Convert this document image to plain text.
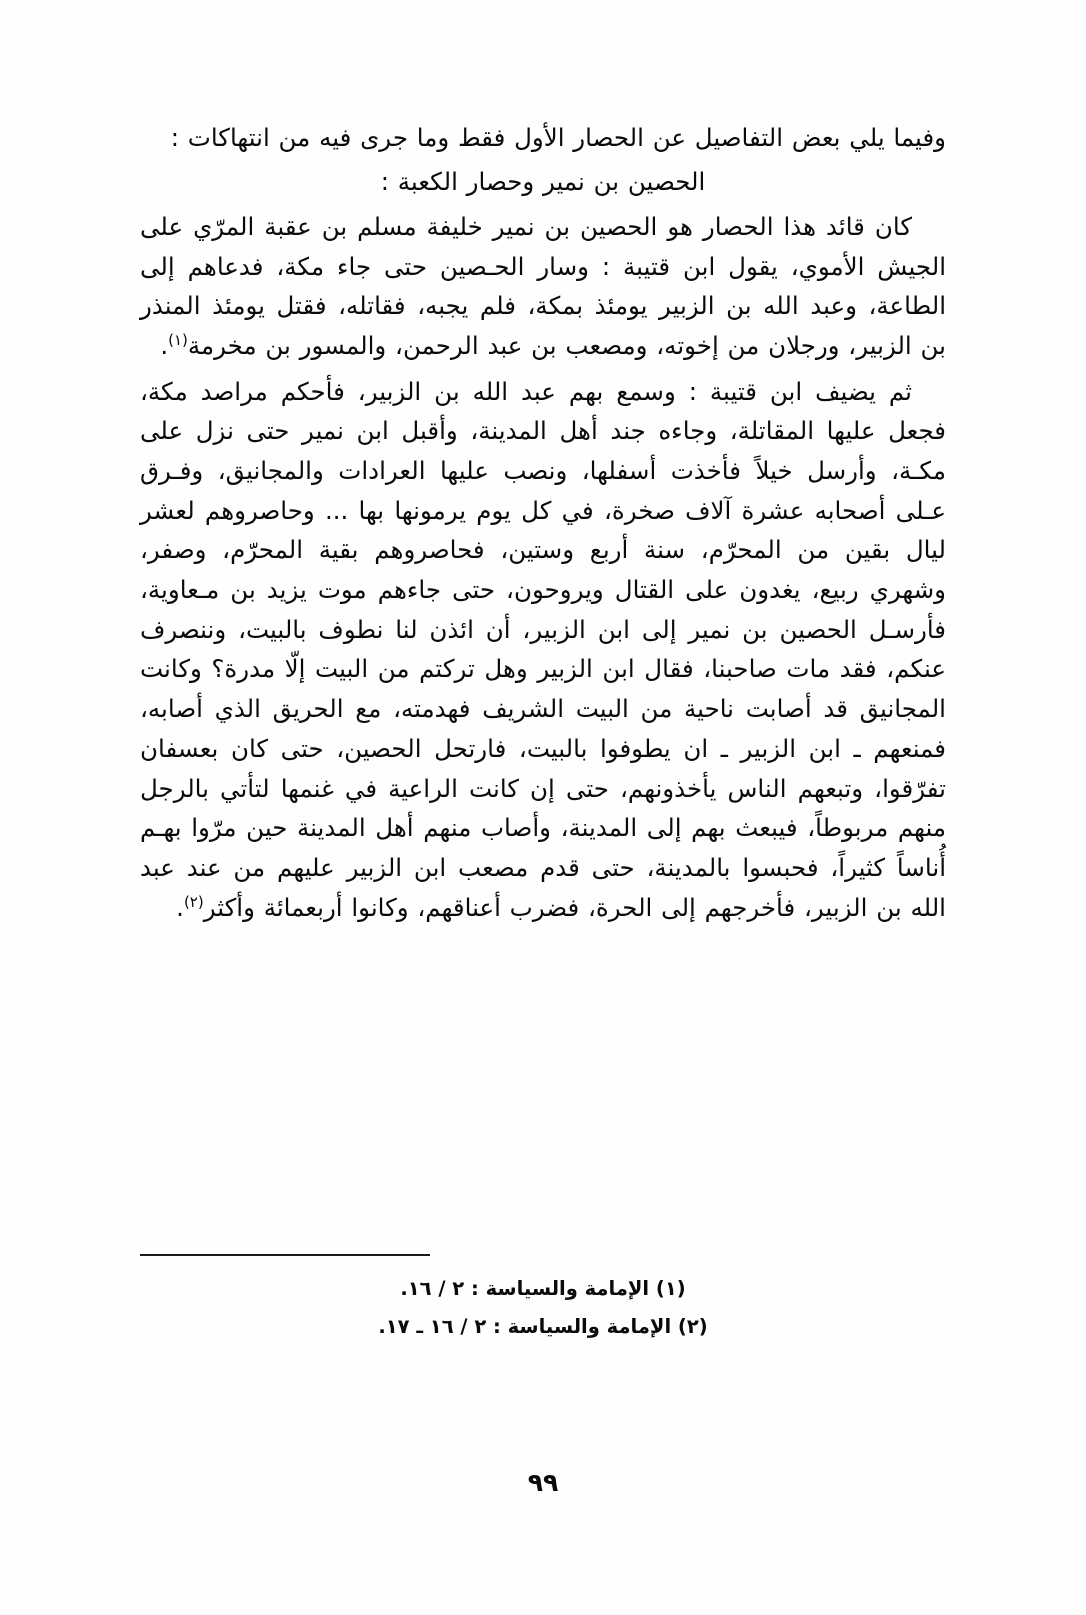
وفيما يلي بعض التفاصيل عن الحصار الأول فقط وما جرى فيه من انتهاكات :

الحصين بن نمير وحصار الكعبة :

كان قائد هذا الحصار هو الحصين بن نمير خليفة مسلم بن عقبة المرّي على الجيش الأموي، يقول ابن قتيبة : وسار الحـصين حتى جاء مكة، فدعاهم إلى الطاعة، وعبد الله بن الزبير يومئذ بمكة، فلم يجبه، فقاتله، فقتل يومئذ المنذر بن الزبير، ورجلان من إخوته، ومصعب بن عبد الرحمن، والمسور بن مخرمة$^{(١)}$.

ثم يضيف ابن قتيبة : وسمع بهم عبد الله بن الزبير، فأحكم مراصد مكة، فجعل عليها المقاتلة، وجاءه جند أهل المدينة، وأقبل ابن نمير حتى نزل على مكـة، وأرسل خيلاً فأخذت أسفلها، ونصب عليها العرادات والمجانيق، وفـرق عـلى أصحابه عشرة آلاف صخرة، في كل يوم يرمونها بها ... وحاصروهم لعشر ليال بقين من المحرّم، سنة أربع وستين، فحاصروهم بقية المحرّم، وصفر، وشهري ربيع، يغدون على القتال ويروحون، حتى جاءهم موت يزيد بن مـعاوية، فأرسـل الحصين بن نمير إلى ابن الزبير، أن ائذن لنا نطوف بالبيت، وننصرف عنكم، فقد مات صاحبنا، فقال ابن الزبير وهل تركتم من البيت إلّا مدرة؟ وكانت المجانيق قد أصابت ناحية من البيت الشريف فهدمته، مع الحريق الذي أصابه، فمنعهم ـ ابن الزبير ـ ان يطوفوا بالبيت، فارتحل الحصين، حتى كان بعسفان تفرّقوا، وتبعهم الناس يأخذونهم، حتى إن كانت الراعية في غنمها لتأتي بالرجل منهم مربوطاً، فيبعث بهم إلى المدينة، وأصاب منهم أهل المدينة حين مرّوا بهـم أُناساً كثيراً، فحبسوا بالمدينة، حتى قدم مصعب ابن الزبير عليهم من عند عبد الله بن الزبير، فأخرجهم إلى الحرة، فضرب أعناقهم، وكانوا أربعمائة وأكثر$^{(٢)}$.

(١) الإمامة والسياسة : ٢ / ١٦.
(٢) الإمامة والسياسة : ٢ / ١٦ ـ ١٧.
٩٩
